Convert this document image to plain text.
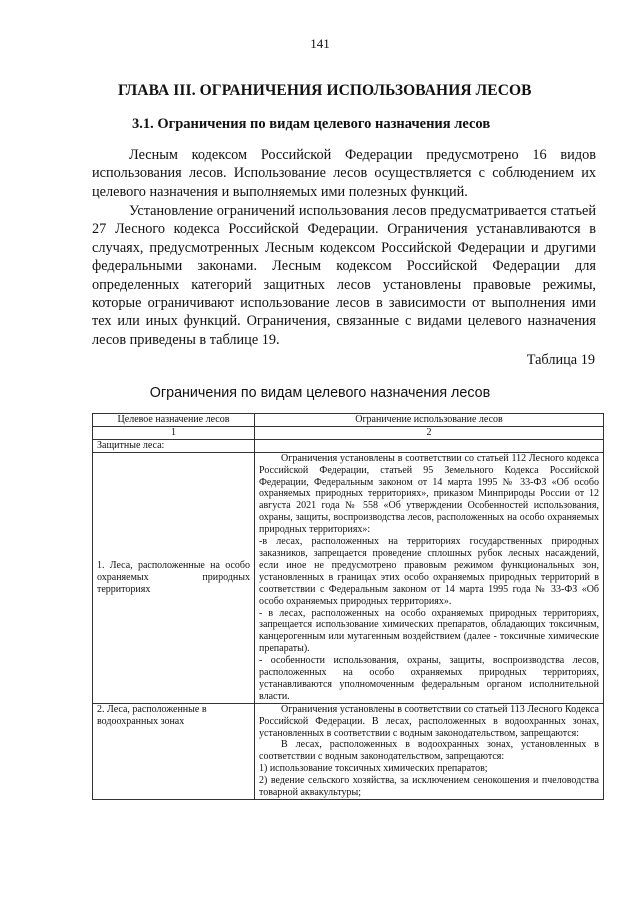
141
ГЛАВА III. ОГРАНИЧЕНИЯ ИСПОЛЬЗОВАНИЯ ЛЕСОВ
3.1. Ограничения по видам целевого назначения лесов

Лесным кодексом Российской Федерации предусмотрено 16 видов использования лесов. Использование лесов осуществляется с соблюдением их целевого назначения и выполняемых ими полезных функций.

Установление ограничений использования лесов предусматривается статьей 27 Лесного кодекса Российской Федерации. Ограничения устанавливаются в случаях, предусмотренных Лесным кодексом Российской Федерации и другими федеральными законами. Лесным кодексом Российской Федерации для определенных категорий защитных лесов установлены правовые режимы, которые ограничивают использование лесов в зависимости от выполнения ими тех или иных функций. Ограничения, связанные с видами целевого назначения лесов приведены в таблице 19.

Таблица 19
Ограничения по видам целевого назначения лесов
Целевое назначение лесов	Ограничение использование лесов
1	2
Защитные леса:	
1. Леса, расположенные на особо охраняемых природных территориях	Ограничения установлены в соответствии со статьей 112 Лесного кодекса Российской Федерации, статьей 95 Земельного Кодекса Российской Федерации, Федеральным законом от 14 марта 1995 № 33-ФЗ «Об особо охраняемых природных территориях», приказом Минприроды России от 12 августа 2021 года № 558 «Об утверждении Особенностей использования, охраны, защиты, воспроизводства лесов, расположенных на особо охраняемых природных территориях»:

-в лесах, расположенных на территориях государственных природных заказников, запрещается проведение сплошных рубок лесных насаждений, если иное не предусмотрено правовым режимом функциональных зон, установленных в границах этих особо охраняемых природных территорий в соответствии с Федеральным законом от 14 марта 1995 года № 33-ФЗ «Об особо охраняемых природных территориях».

- в лесах, расположенных на особо охраняемых природных территориях, запрещается использование химических препаратов, обладающих токсичным, канцерогенным или мутагенным воздействием (далее - токсичные химические препараты).

- особенности использования, охраны, защиты, воспроизводства лесов, расположенных на особо охраняемых природных территориях, устанавливаются уполномоченным федеральным органом исполнительной власти.

2. Леса, расположенные в водоохранных зонах	Ограничения установлены в соответствии со статьей 113 Лесного Кодекса Российской Федерации. В лесах, расположенных в водоохранных зонах, установленных в соответствии с водным законодательством, запрещаются:

В лесах, расположенных в водоохранных зонах, установленных в соответствии с водным законодательством, запрещаются:

1) использование токсичных химических препаратов;

2) ведение сельского хозяйства, за исключением сенокошения и пчеловодства товарной аквакультуры;
